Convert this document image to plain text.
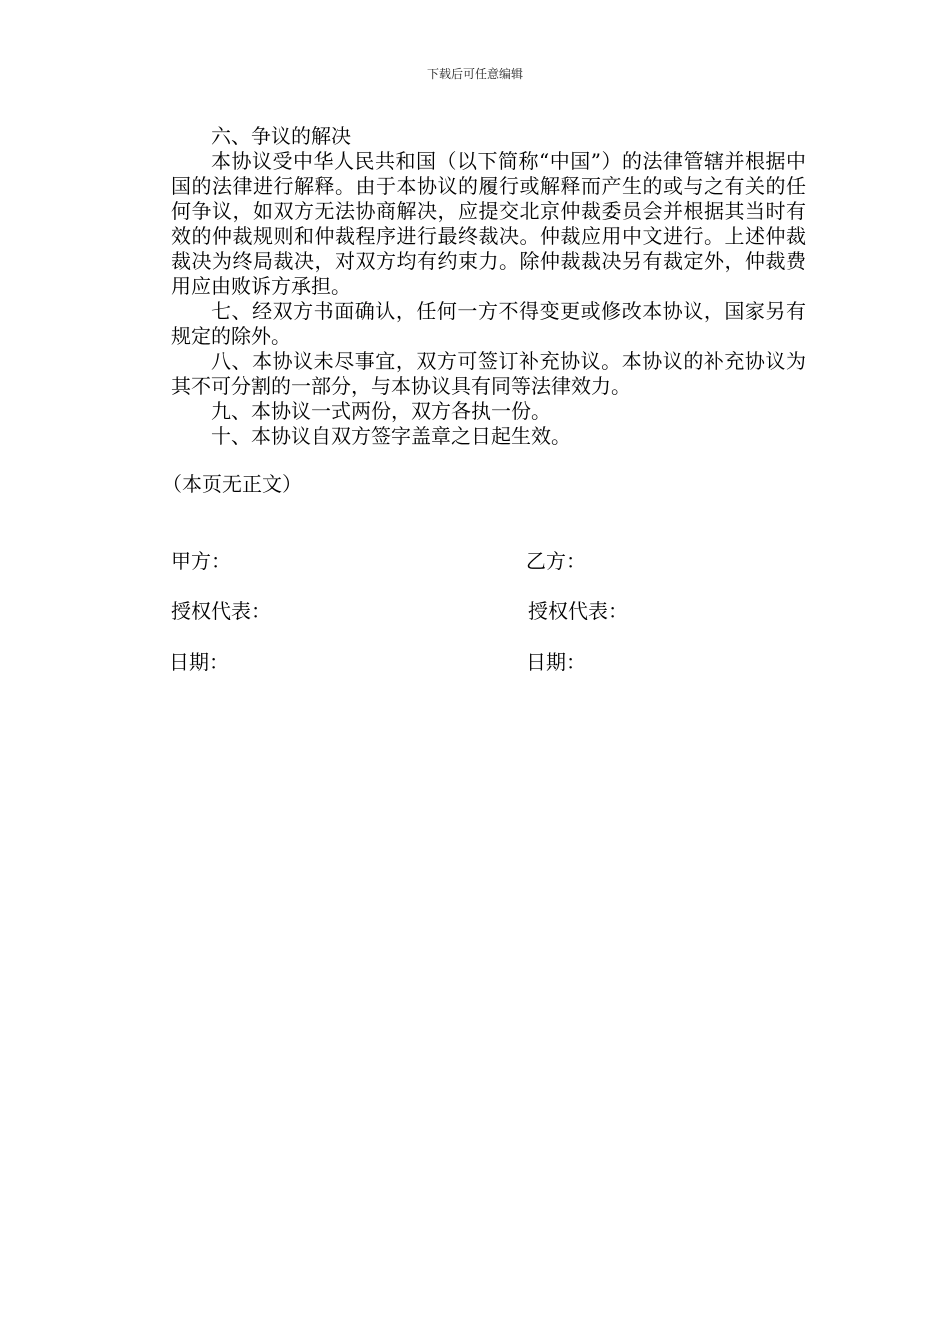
下载后可任意编辑

六、争议的解决

本协议受中华人民共和国（以下简称“中国”）的法律管辖并根据中国的法律进行解释。由于本协议的履行或解释而产生的或与之有关的任何争议，如双方无法协商解决，应提交北京仲裁委员会并根据其当时有效的仲裁规则和仲裁程序进行最终裁决。仲裁应用中文进行。上述仲裁裁决为终局裁决，对双方均有约束力。除仲裁裁决另有裁定外，仲裁费用应由败诉方承担。

七、经双方书面确认，任何一方不得变更或修改本协议，国家另有规定的除外。

八、本协议未尽事宜，双方可签订补充协议。本协议的补充协议为其不可分割的一部分，与本协议具有同等法律效力。

九、本协议一式两份，双方各执一份。

十、本协议自双方签字盖章之日起生效。

（本页无正文）
甲方：	乙方：
授权代表：	授权代表：
日期：	日期：
